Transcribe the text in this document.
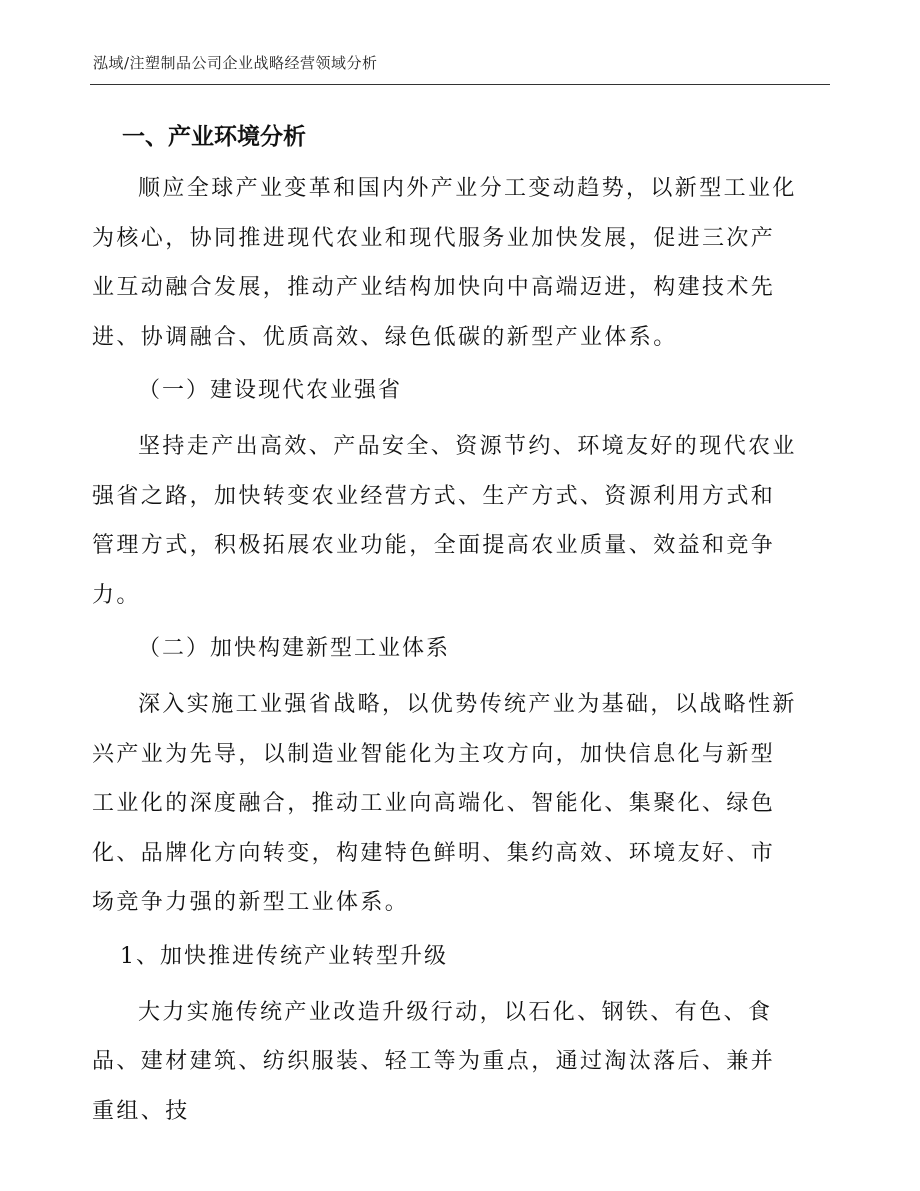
泓域/注塑制品公司企业战略经营领域分析
一、产业环境分析

顺应全球产业变革和国内外产业分工变动趋势，以新型工业化为核心，协同推进现代农业和现代服务业加快发展，促进三次产业互动融合发展，推动产业结构加快向中高端迈进，构建技术先进、协调融合、优质高效、绿色低碳的新型产业体系。

（一）建设现代农业强省

坚持走产出高效、产品安全、资源节约、环境友好的现代农业强省之路，加快转变农业经营方式、生产方式、资源利用方式和管理方式，积极拓展农业功能，全面提高农业质量、效益和竞争力。

（二）加快构建新型工业体系

深入实施工业强省战略，以优势传统产业为基础，以战略性新兴产业为先导，以制造业智能化为主攻方向，加快信息化与新型工业化的深度融合，推动工业向高端化、智能化、集聚化、绿色化、品牌化方向转变，构建特色鲜明、集约高效、环境友好、市场竞争力强的新型工业体系。

1、加快推进传统产业转型升级

大力实施传统产业改造升级行动，以石化、钢铁、有色、食品、建材建筑、纺织服装、轻工等为重点，通过淘汰落后、兼并重组、技
